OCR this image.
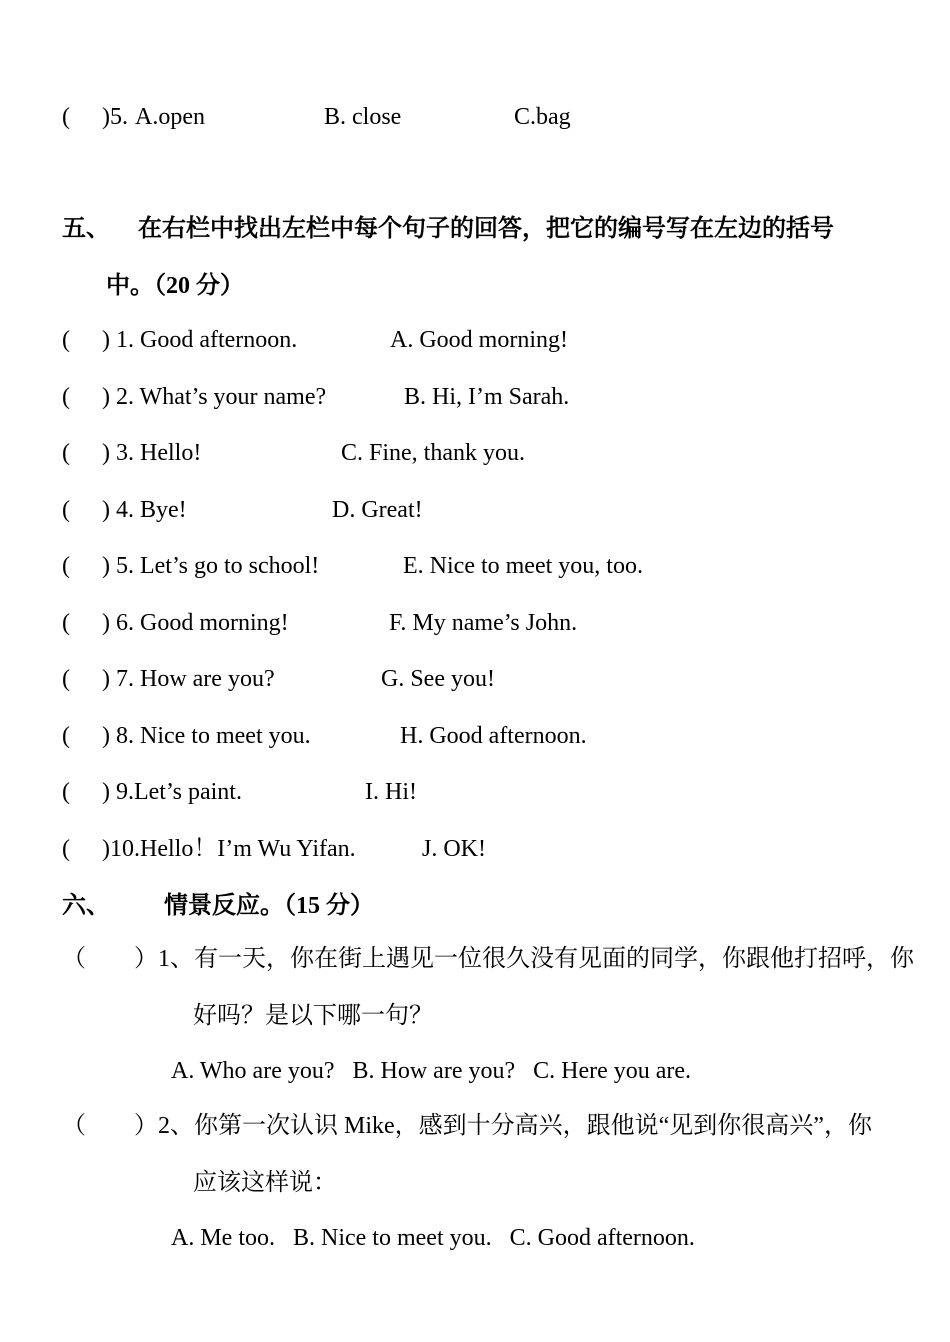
( )5. A.open	B. close	C.bag
五、 在右栏中找出左栏中每个句子的回答，把它的编号写在左边的括号
中。（20 分）
( ) 1. Good afternoon.	A. Good morning!
( ) 2. What’s your name?	B. Hi, I’m Sarah.
( ) 3. Hello!	C. Fine, thank you.
( ) 4. Bye!	D. Great!
( ) 5. Let’s go to school!	E. Nice to meet you, too.
( ) 6. Good morning!	F. My name’s John.
( ) 7. How are you?	G. See you!
( ) 8. Nice to meet you.	H. Good afternoon.
( ) 9.Let’s paint.	I. Hi!
( )10.Hello！I’m Wu Yifan.	J. OK!
六、 情景反应。（15 分）
（　　）1、有一天，你在街上遇见一位很久没有见面的同学，你跟他打招呼，你
好吗？是以下哪一句？
A. Who are you?   B. How are you?   C. Here you are.
（　　）2、你第一次认识 Mike，感到十分高兴，跟他说“见到你很高兴”，你
应该这样说：
A. Me too.   B. Nice to meet you.   C. Good afternoon.
